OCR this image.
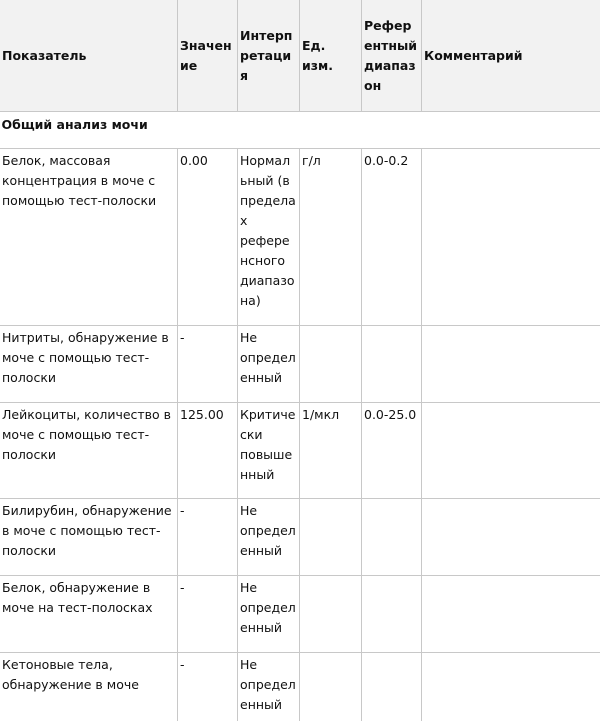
Показатель	Значение	Интерпретация	Ед. изм.	Референтный диапазон	Комментарий
Общий анализ мочи					
Белок, массовая концентрация в моче с помощью тест-полоски	0.00	Нормальный (в пределах референсного диапазона)	г/л	0.0-0.2	
Нитриты, обнаружение в моче с помощью тест-полоски	-	Не определенный			
Лейкоциты, количество в моче с помощью тест-полоски	125.00	Критически повышенный	1/мкл	0.0-25.0	
Билирубин, обнаружение в моче с помощью тест-полоски	-	Не определенный			
Белок, обнаружение в моче на тест-полосках	-	Не определенный			
Кетоновые тела, обнаружение в моче	-	Не определенный			
